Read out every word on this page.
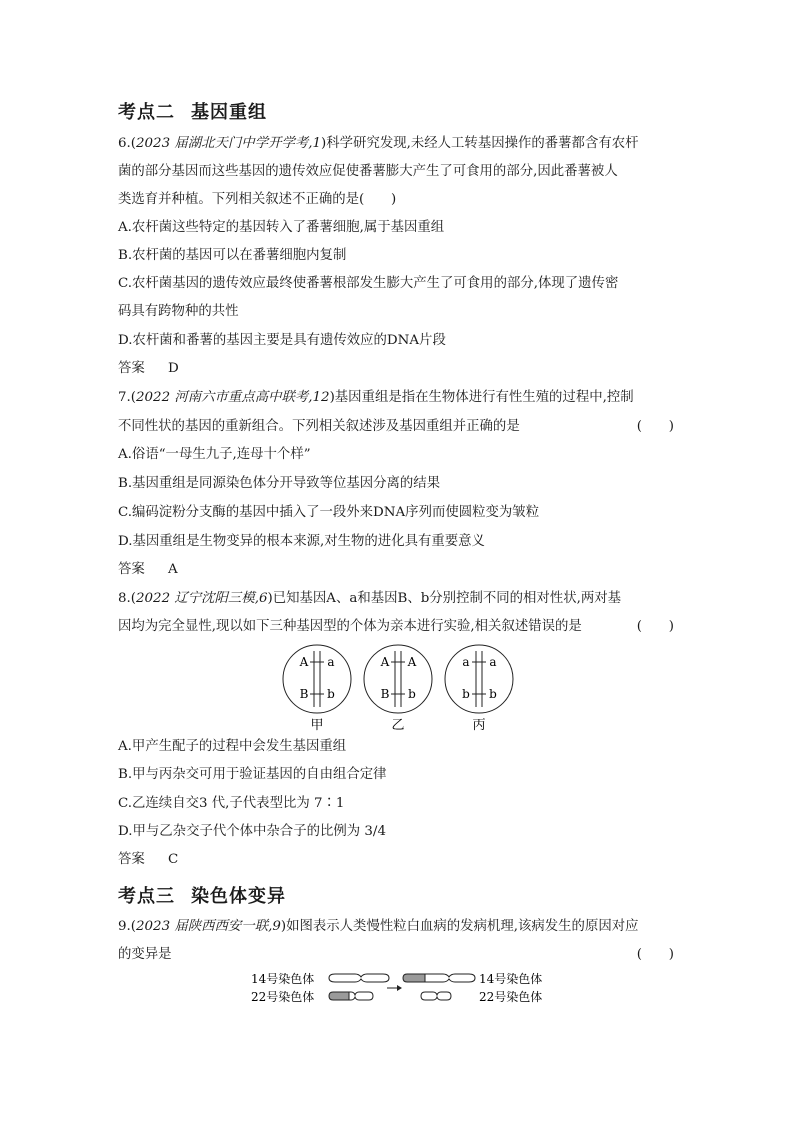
考点二 基因重组
6.(2023 届湖北天门中学开学考,1)科学研究发现,未经人工转基因操作的番薯都含有农杆
菌的部分基因而这些基因的遗传效应促使番薯膨大产生了可食用的部分,因此番薯被人
类选育并种植。下列相关叙述不正确的是(　　)
A.农杆菌这些特定的基因转入了番薯细胞,属于基因重组
B.农杆菌的基因可以在番薯细胞内复制
C.农杆菌基因的遗传效应最终使番薯根部发生膨大产生了可食用的部分,体现了遗传密
码具有跨物种的共性
D.农杆菌和番薯的基因主要是具有遗传效应的DNA片段
答案 D
7.(2022 河南六市重点高中联考,12)基因重组是指在生物体进行有性生殖的过程中,控制
不同性状的基因的重新组合。下列相关叙述涉及基因重组并正确的是	(　　)
A.俗语“一母生九子,连母十个样”
B.基因重组是同源染色体分开导致等位基因分离的结果
C.编码淀粉分支酶的基因中插入了一段外来DNA序列而使圆粒变为皱粒
D.基因重组是生物变异的根本来源,对生物的进化具有重要意义
答案 A
8.(2022 辽宁沈阳三模,6)已知基因A、a和基因B、b分别控制不同的相对性状,两对基
因均为完全显性,现以如下三种基因型的个体为亲本进行实验,相关叙述错误的是	(　　)
A a
B b
甲
A A
B b
乙
a a
b b
丙
A.甲产生配子的过程中会发生基因重组
B.甲与丙杂交可用于验证基因的自由组合定律
C.乙连续自交3 代,子代表型比为 7∶1
D.甲与乙杂交子代个体中杂合子的比例为 3/4
答案 C
考点三 染色体变异
9.(2023 届陕西西安一联,9)如图表示人类慢性粒白血病的发病机理,该病发生的原因对应
的变异是	(　　)
14号染色体
22号染色体
14号染色体
22号染色体
